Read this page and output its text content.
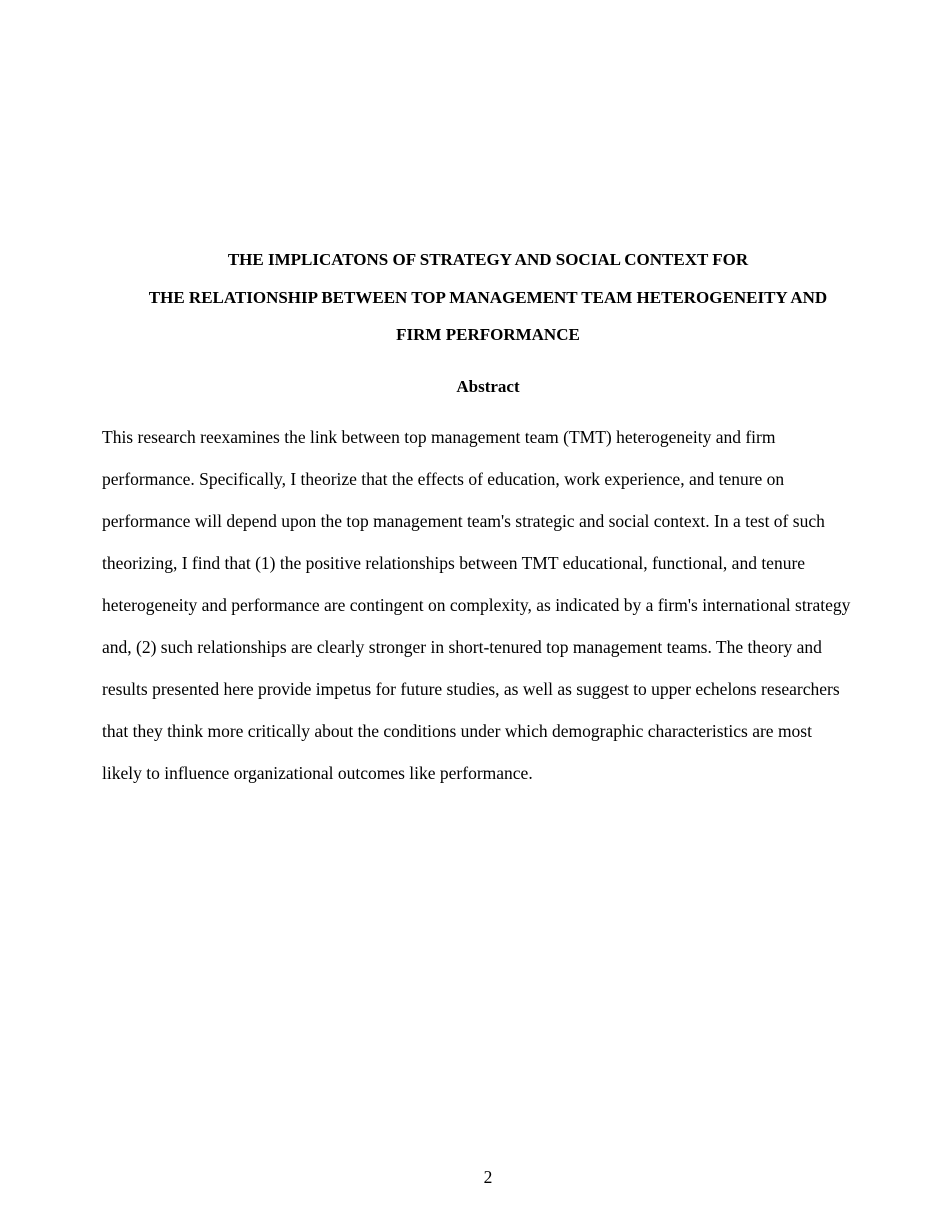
THE IMPLICATONS OF STRATEGY AND SOCIAL CONTEXT FOR
THE RELATIONSHIP BETWEEN TOP MANAGEMENT TEAM HETEROGENEITY AND
FIRM PERFORMANCE
Abstract
This research reexamines the link between top management team (TMT) heterogeneity and firm
performance. Specifically, I theorize that the effects of education, work experience, and tenure on
performance will depend upon the top management team's strategic and social context. In a test of such
theorizing, I find that (1) the positive relationships between TMT educational, functional, and tenure
heterogeneity and performance are contingent on complexity, as indicated by a firm's international strategy
and, (2) such relationships are clearly stronger in short-tenured top management teams. The theory and
results presented here provide impetus for future studies, as well as suggest to upper echelons researchers
that they think more critically about the conditions under which demographic characteristics are most
likely to influence organizational outcomes like performance.
2
